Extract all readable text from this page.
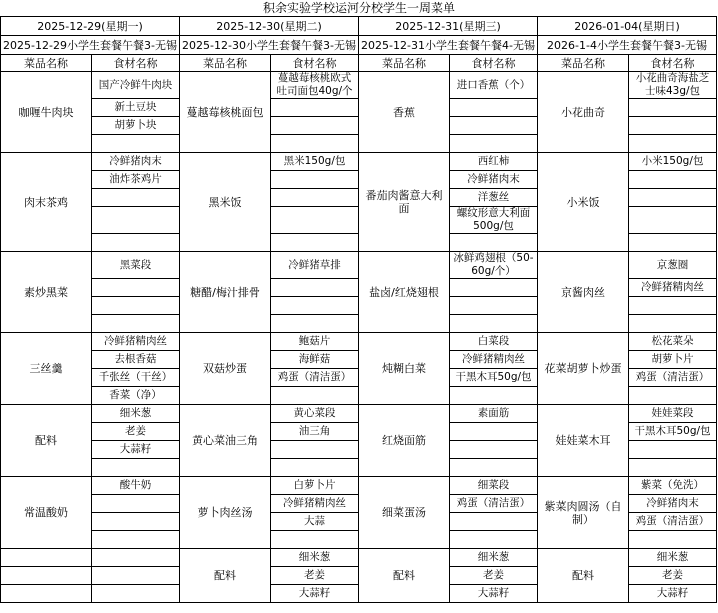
积余实验学校运河分校学生一周菜单
2025-12-29(星期一)		2025-12-30(星期二)		2025-12-31(星期三)		2026-01-04(星期日)	
2025-12-29小学生套餐午餐3-无锡		2025-12-30小学生套餐午餐3-无锡		2025-12-31小学生套餐午餐4-无锡		2026-1-4小学生套餐午餐3-无锡	
菜品名称	食材名称	菜品名称	食材名称	菜品名称	食材名称	菜品名称	食材名称
咖喱牛肉块	国产冷鲜牛肉块	蔓越莓核桃面包	蔓越莓核桃欧式吐司面包40g/个	香蕉	进口香蕉（个）	小花曲奇	小花曲奇海盐芝士味43g/包
	新土豆块						
	胡萝卜块						

肉末茶鸡	冷鲜猪肉末	黑米饭	黑米150g/包	番茄肉酱意大利面	西红柿	小米饭	小米150g/包
	油炸茶鸡片				冷鲜猪肉末		
					洋葱丝		
					螺纹形意大利面500g/包		

素炒黑菜	黑菜段	糖醋/梅汁排骨	冷鲜猪草排	盐卤/红烧翅根	冰鲜鸡翅根（50-60g/个）	京酱肉丝	京葱圈
							冷鲜猪精肉丝

三丝羹	冷鲜猪精肉丝	双菇炒蛋	鲍菇片	炖糊白菜	白菜段	花菜胡萝卜炒蛋	松花菜朵
	去根香菇		海鲜菇		冷鲜猪精肉丝		胡萝卜片
	千张丝（干丝）		鸡蛋（清洁蛋）		干黑木耳50g/包		鸡蛋（清洁蛋）
	香菜（净）						
配料	细米葱	黄心菜油三角	黄心菜段	红烧面筋	素面筋	娃娃菜木耳	娃娃菜段
	老姜		油三角				干黑木耳50g/包
	大蒜籽						

常温酸奶	酸牛奶	萝卜肉丝汤	白萝卜片	细菜蛋汤	细菜段	紫菜肉圆汤（自制）	紫菜（免洗）
			冷鲜猪精肉丝		鸡蛋（清洁蛋）		冷鲜猪肉末
			大蒜				鸡蛋（清洁蛋）

		配料	细米葱	配料	细米葱	配料	细米葱
			老姜		老姜		老姜
			大蒜籽		大蒜籽		大蒜籽
